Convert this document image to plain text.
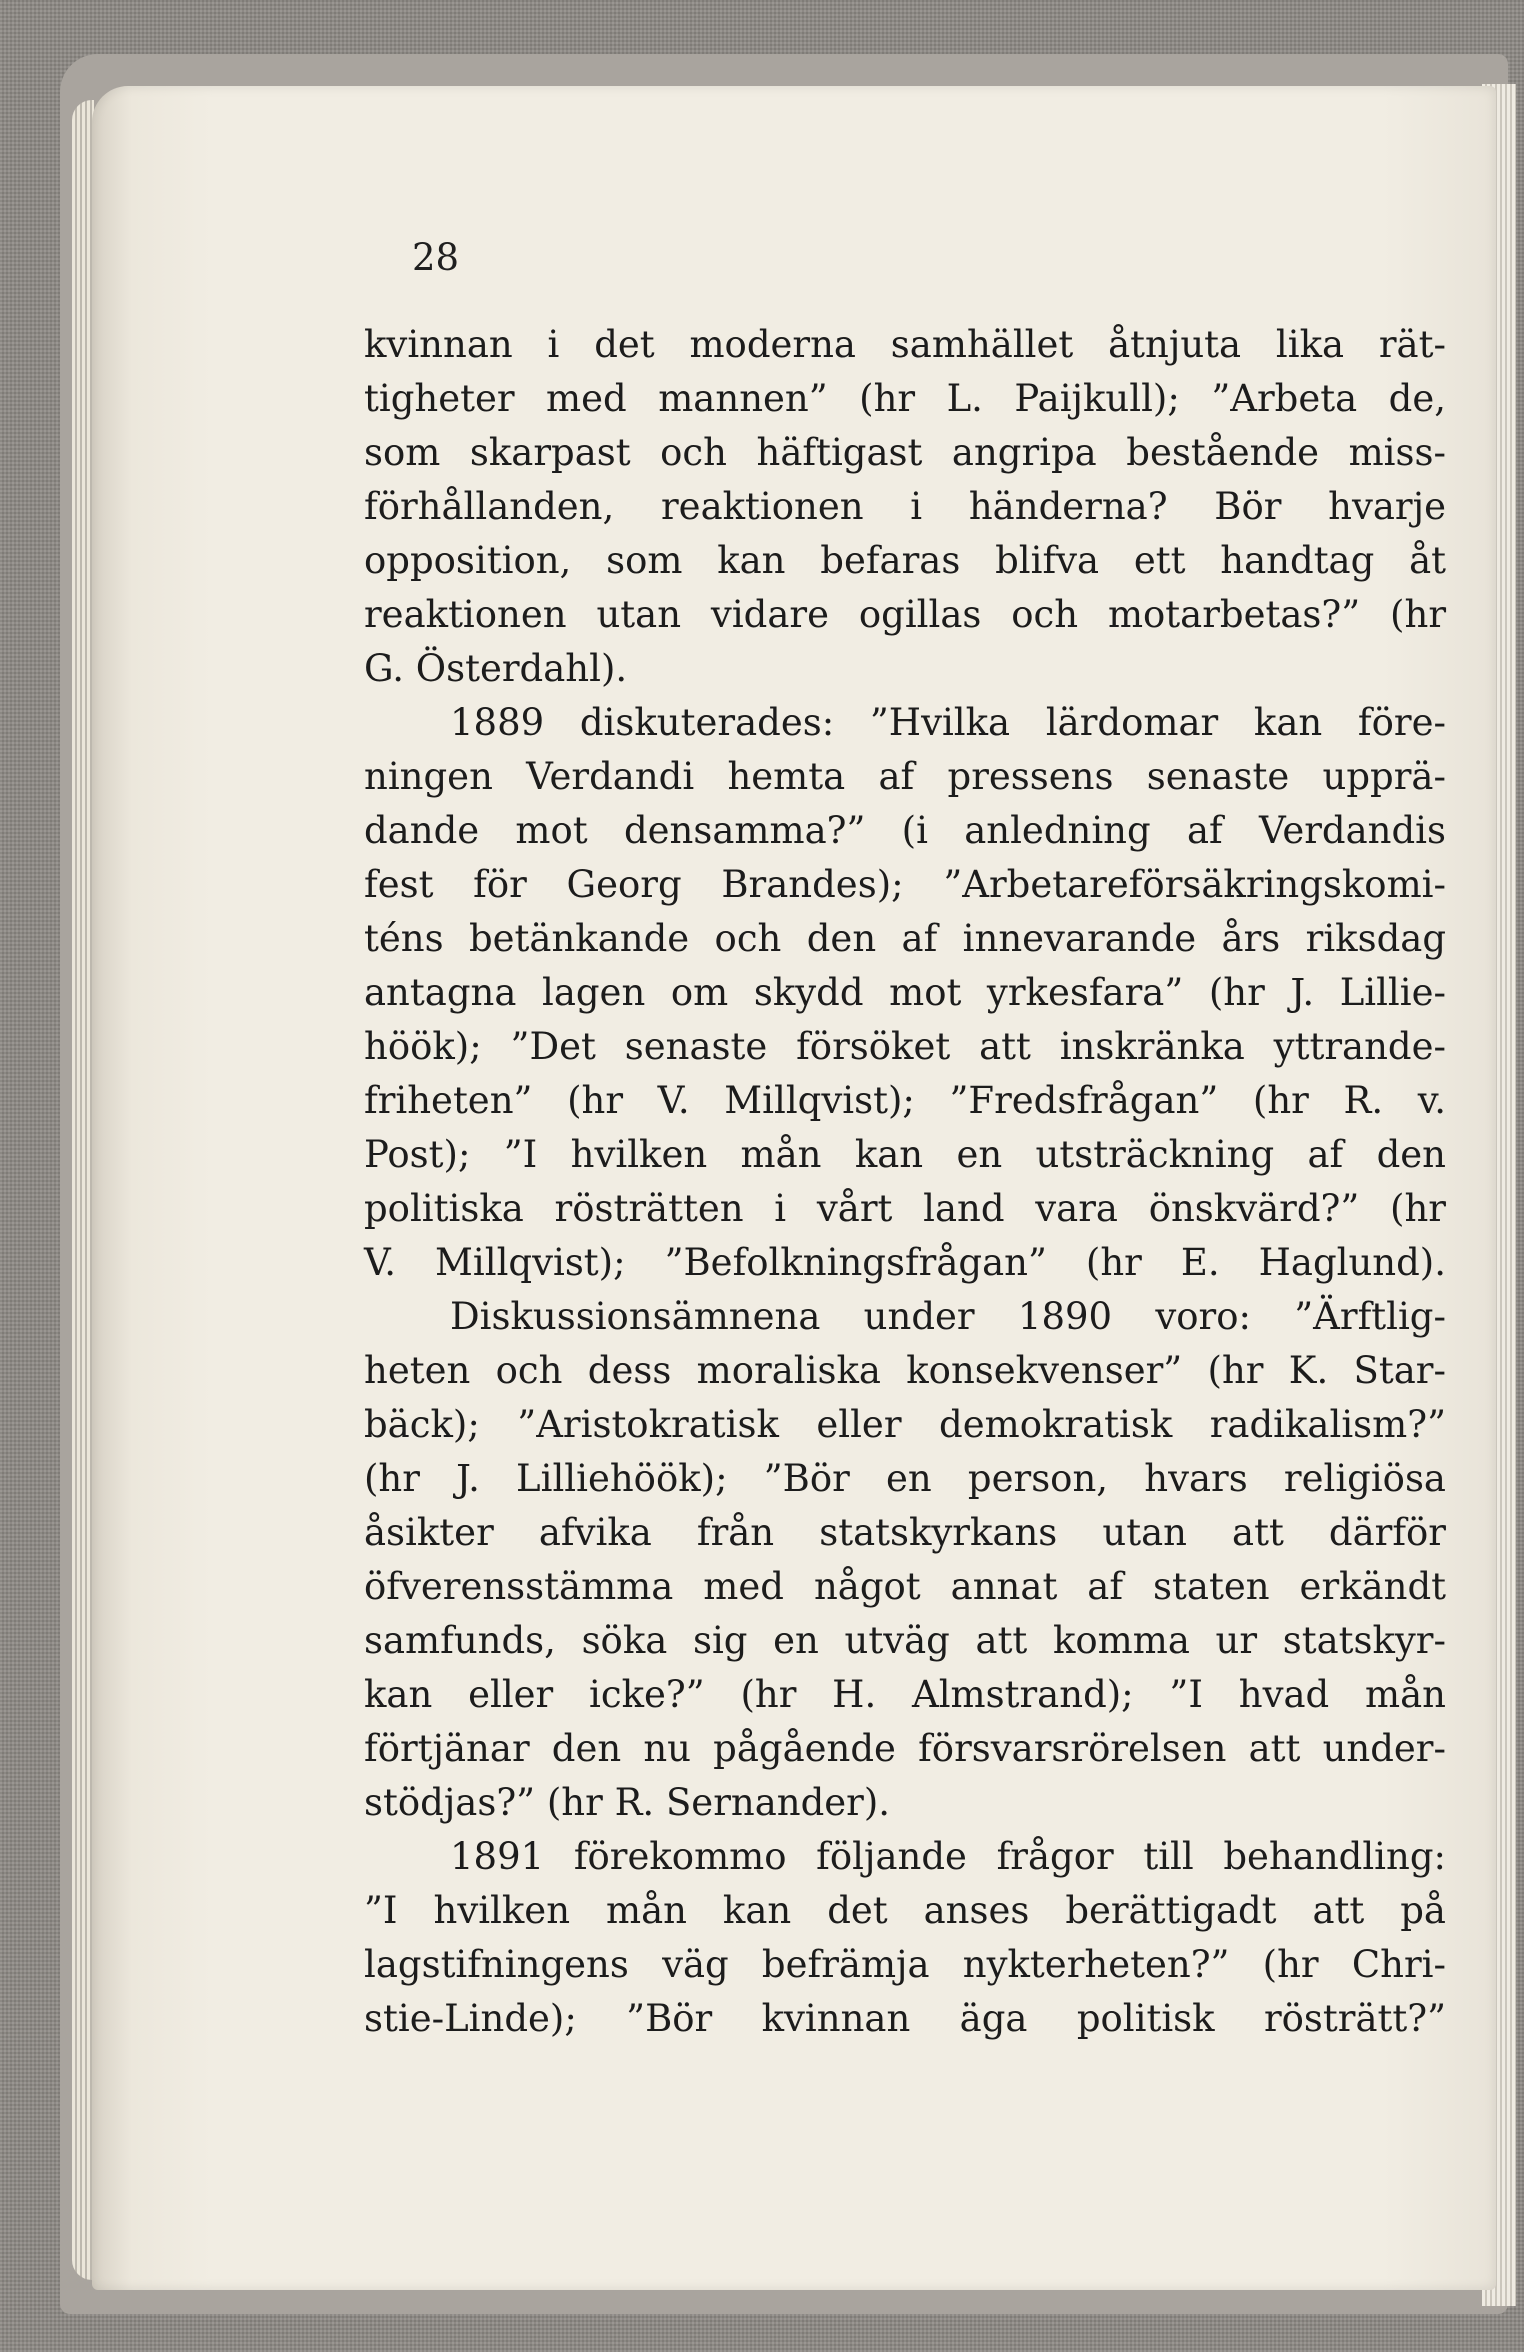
28

kvinnan i det moderna samhället åtnjuta lika rät-
tigheter med mannen” (hr L. Paijkull); ”Arbeta de,
som skarpast och häftigast angripa bestående miss-
förhållanden, reaktionen i händerna? Bör hvarje
opposition, som kan befaras blifva ett handtag åt
reaktionen utan vidare ogillas och motarbetas?” (hr
G. Österdahl).
1889 diskuterades: ”Hvilka lärdomar kan före-
ningen Verdandi hemta af pressens senaste upprä-
dande mot densamma?” (i anledning af Verdandis
fest för Georg Brandes); ”Arbetareförsäkringskomi-
téns betänkande och den af innevarande års riksdag
antagna lagen om skydd mot yrkesfara” (hr J. Lillie-
höök); ”Det senaste försöket att inskränka yttrande-
friheten” (hr V. Millqvist); ”Fredsfrågan” (hr R. v.
Post); ”I hvilken mån kan en utsträckning af den
politiska rösträtten i vårt land vara önskvärd?” (hr
V. Millqvist); ”Befolkningsfrågan” (hr E. Haglund).
Diskussionsämnena under 1890 voro: ”Ärftlig-
heten och dess moraliska konsekvenser” (hr K. Star-
bäck); ”Aristokratisk eller demokratisk radikalism?”
(hr J. Lilliehöök); ”Bör en person, hvars religiösa
åsikter afvika från statskyrkans utan att därför
öfverensstämma med något annat af staten erkändt
samfunds, söka sig en utväg att komma ur statskyr-
kan eller icke?” (hr H. Almstrand); ”I hvad mån
förtjänar den nu pågående försvarsrörelsen att under-
stödjas?” (hr R. Sernander).
1891 förekommo följande frågor till behandling:
”I hvilken mån kan det anses berättigadt att på
lagstifningens väg befrämja nykterheten?” (hr Chri-
stie-Linde); ”Bör kvinnan äga politisk rösträtt?”
